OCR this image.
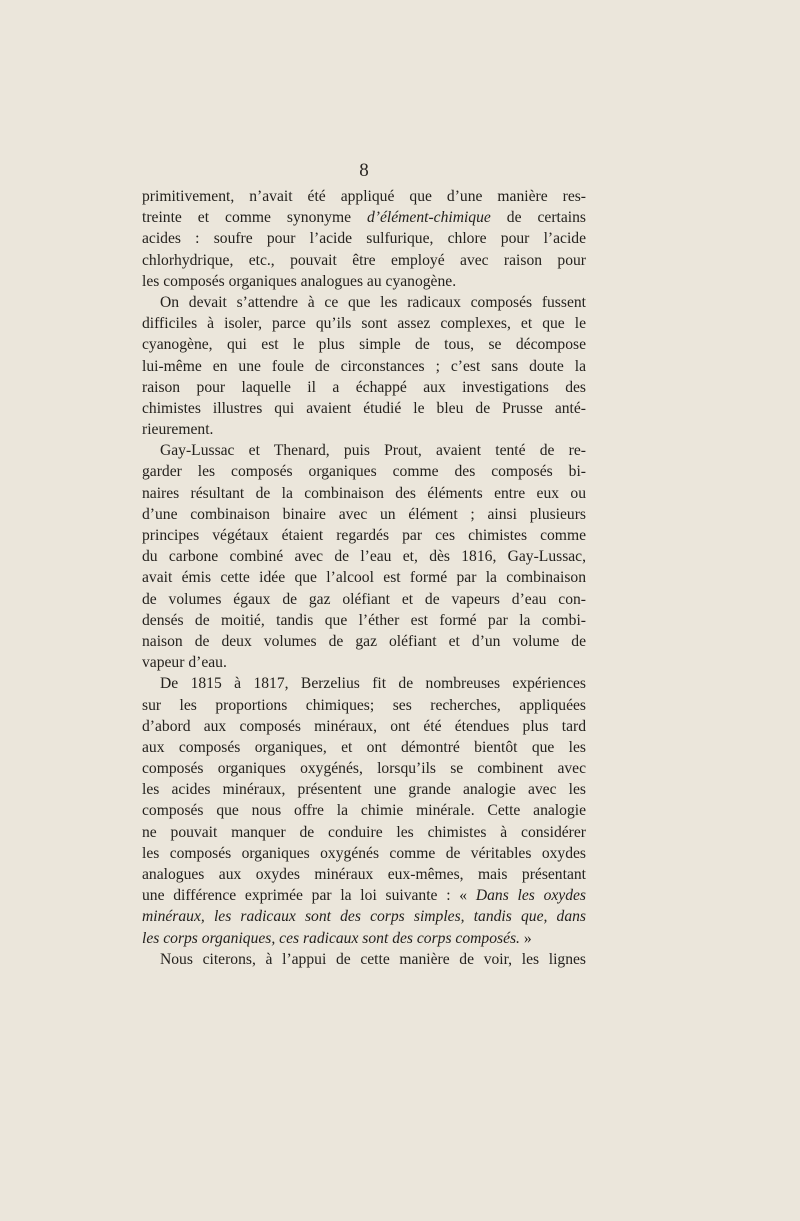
8
primitivement, n’avait été appliqué que d’une manière res-
treinte et comme synonyme d’élément-chimique de certains
acides : soufre pour l’acide sulfurique, chlore pour l’acide
chlorhydrique, etc., pouvait être employé avec raison pour
les composés organiques analogues au cyanogène.
On devait s’attendre à ce que les radicaux composés fussent
difficiles à isoler, parce qu’ils sont assez complexes, et que le
cyanogène, qui est le plus simple de tous, se décompose
lui-même en une foule de circonstances ; c’est sans doute la
raison pour laquelle il a échappé aux investigations des
chimistes illustres qui avaient étudié le bleu de Prusse anté-
rieurement.
Gay-Lussac et Thenard, puis Prout, avaient tenté de re-
garder les composés organiques comme des composés bi-
naires résultant de la combinaison des éléments entre eux ou
d’une combinaison binaire avec un élément ; ainsi plusieurs
principes végétaux étaient regardés par ces chimistes comme
du carbone combiné avec de l’eau et, dès 1816, Gay-Lussac,
avait émis cette idée que l’alcool est formé par la combinaison
de volumes égaux de gaz oléfiant et de vapeurs d’eau con-
densés de moitié, tandis que l’éther est formé par la combi-
naison de deux volumes de gaz oléfiant et d’un volume de
vapeur d’eau.
De 1815 à 1817, Berzelius fit de nombreuses expériences
sur les proportions chimiques; ses recherches, appliquées
d’abord aux composés minéraux, ont été étendues plus tard
aux composés organiques, et ont démontré bientôt que les
composés organiques oxygénés, lorsqu’ils se combinent avec
les acides minéraux, présentent une grande analogie avec les
composés que nous offre la chimie minérale. Cette analogie
ne pouvait manquer de conduire les chimistes à considérer
les composés organiques oxygénés comme de véritables oxydes
analogues aux oxydes minéraux eux-mêmes, mais présentant
une différence exprimée par la loi suivante : « Dans les oxydes
minéraux, les radicaux sont des corps simples, tandis que, dans
les corps organiques, ces radicaux sont des corps composés. »
Nous citerons, à l’appui de cette manière de voir, les lignes
